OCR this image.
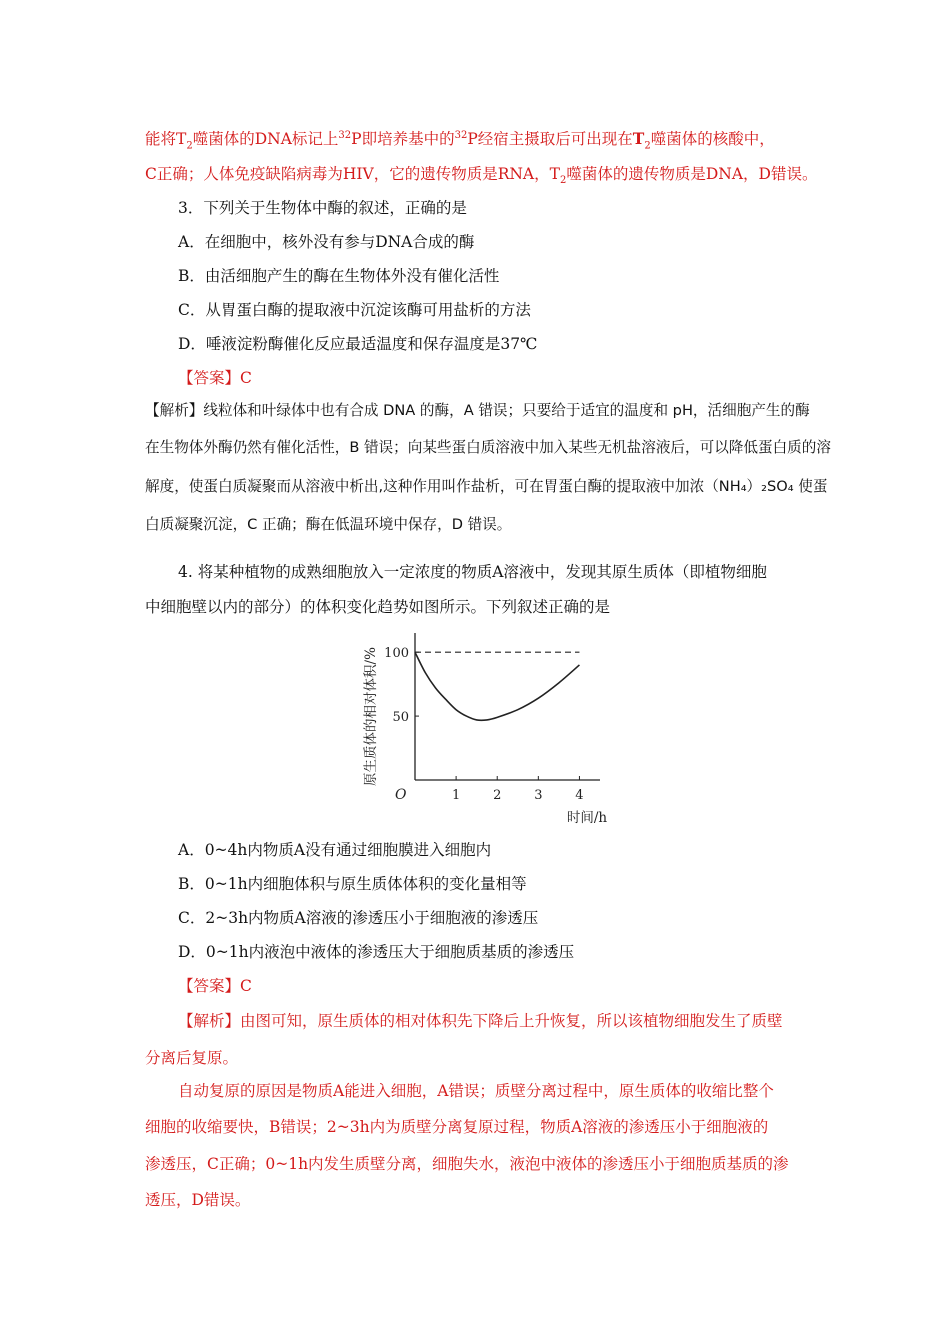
能将$T_2$噬菌体的DNA标记上$^{32}$P即培养基中的$^{32}$P经宿主摄取后可出现在$T_2$噬菌体的核酸中，
C正确；人体免疫缺陷病毒为HIV，它的遗传物质是RNA，$T_2$噬菌体的遗传物质是DNA，D错误。
3．下列关于生物体中酶的叙述，正确的是
A．在细胞中，核外没有参与DNA合成的酶
B．由活细胞产生的酶在生物体外没有催化活性
C．从胃蛋白酶的提取液中沉淀该酶可用盐析的方法
D．唾液淀粉酶催化反应最适温度和保存温度是37℃
【答案】C
【解析】线粒体和叶绿体中也有合成 DNA 的酶，A 错误；只要给于适宜的温度和 pH，活细胞产生的酶
在生物体外酶仍然有催化活性，B 错误；向某些蛋白质溶液中加入某些无机盐溶液后，可以降低蛋白质的溶
解度，使蛋白质凝聚而从溶液中析出,这种作用叫作盐析，可在胃蛋白酶的提取液中加浓（NH₄）₂SO₄ 使蛋
白质凝聚沉淀，C 正确；酶在低温环境中保存，D 错误。
4. 将某种植物的成熟细胞放入一定浓度的物质A溶液中，发现其原生质体（即植物细胞
中细胞壁以内的部分）的体积变化趋势如图所示。下列叙述正确的是
1	2	3	4
50
100
O
时间/h
原生质体的相对体积/%
A．0~4h内物质A没有通过细胞膜进入细胞内
B．0~1h内细胞体积与原生质体体积的变化量相等
C．2~3h内物质A溶液的渗透压小于细胞液的渗透压
D．0~1h内液泡中液体的渗透压大于细胞质基质的渗透压
【答案】C
【解析】由图可知，原生质体的相对体积先下降后上升恢复，所以该植物细胞发生了质壁
分离后复原。
自动复原的原因是物质A能进入细胞，A错误；质壁分离过程中，原生质体的收缩比整个
细胞的收缩要快，B错误；2~3h内为质壁分离复原过程，物质A溶液的渗透压小于细胞液的
渗透压，C正确；0~1h内发生质壁分离，细胞失水，液泡中液体的渗透压小于细胞质基质的渗
透压，D错误。
